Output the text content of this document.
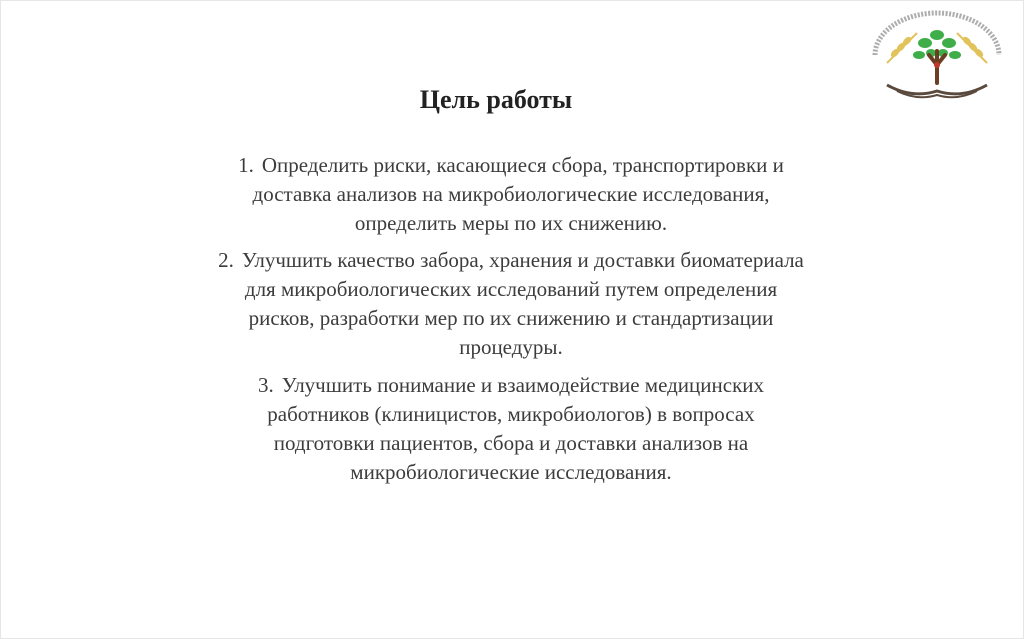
Цель работы
1. Определить риски, касающиеся сбора, транспортировки и
доставка анализов на микробиологические исследования,
определить меры по их снижению.
2. Улучшить качество забора, хранения и доставки биоматериала
для микробиологических исследований путем определения
рисков, разработки мер по их снижению и стандартизации
процедуры.
3. Улучшить понимание и взаимодействие медицинских
работников (клиницистов, микробиологов) в вопросах
подготовки пациентов, сбора и доставки анализов на
микробиологические исследования.
